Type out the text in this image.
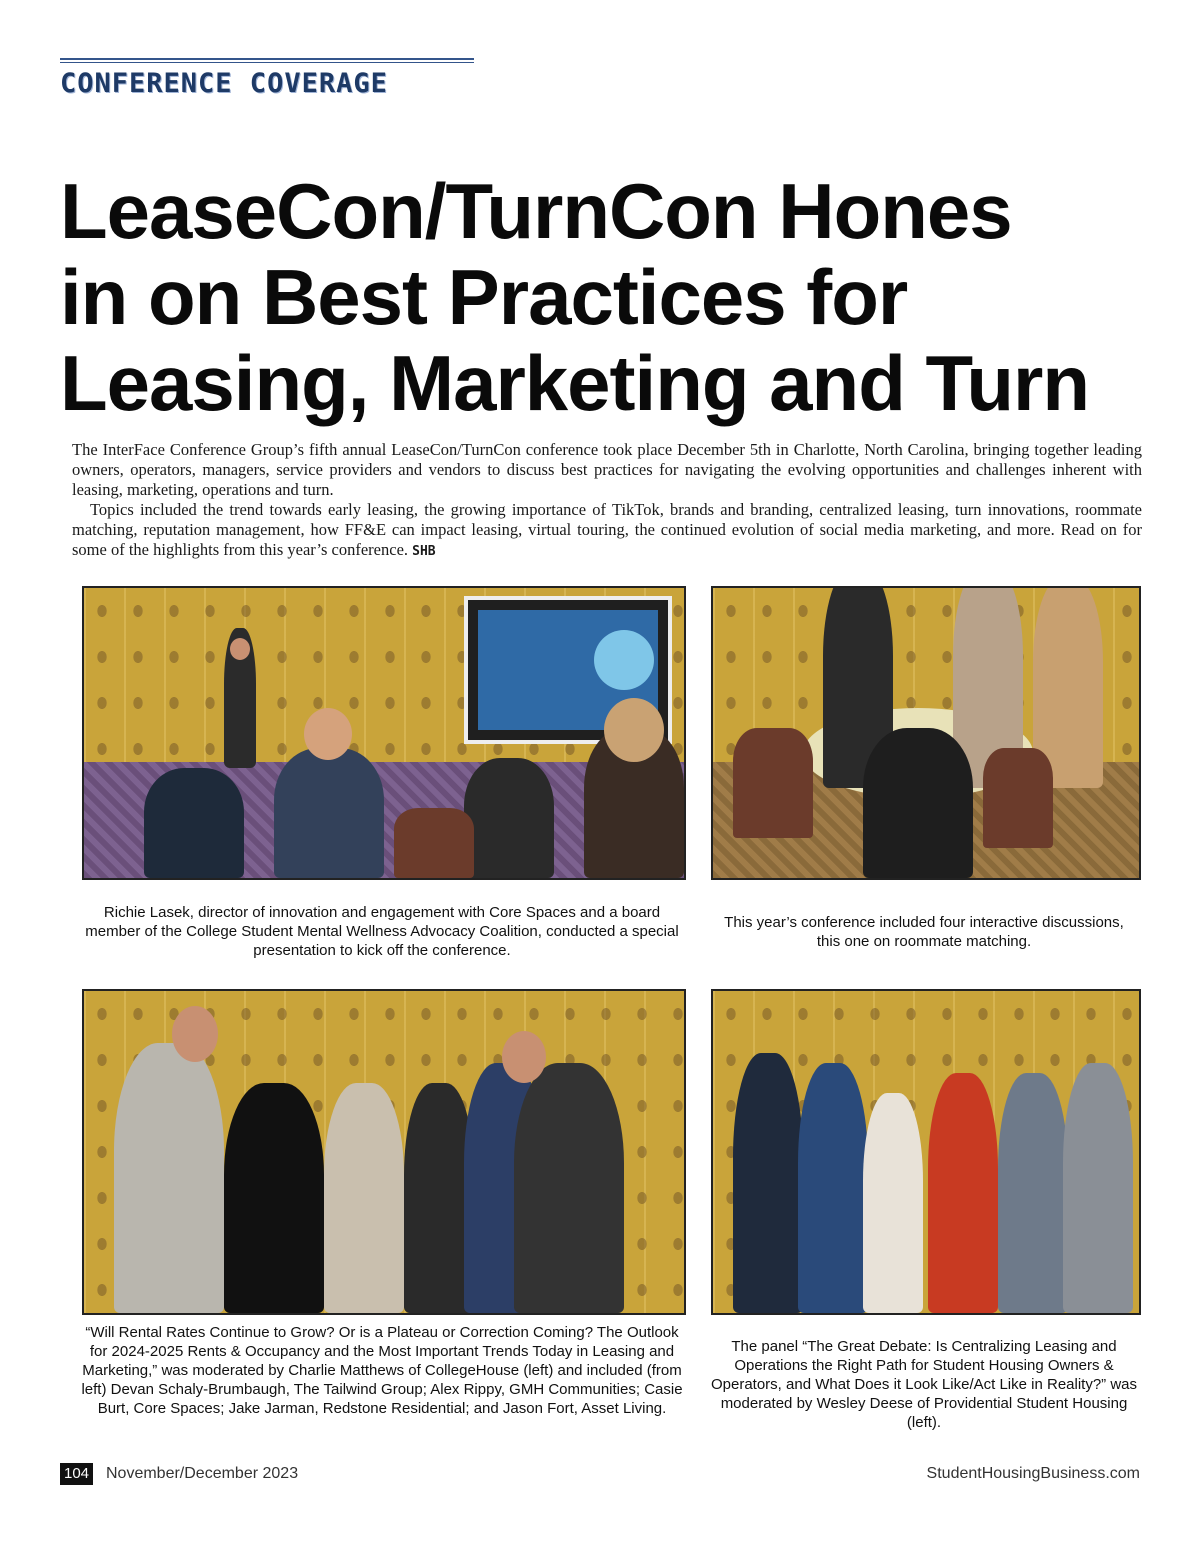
CONFERENCE COVERAGE
LeaseCon/TurnCon Hones
in on Best Practices for
Leasing, Marketing and Turn

The InterFace Conference Group’s fifth annual LeaseCon/TurnCon conference took place December 5th in Charlotte, North Carolina, bringing together leading owners, operators, managers, service providers and vendors to discuss best practices for navigating the evolving opportunities and challenges inherent with leasing, marketing, operations and turn.

Topics included the trend towards early leasing, the growing importance of TikTok, brands and branding, centralized leasing, turn innovations, roommate matching, reputation management, how FF&E can impact leasing, virtual touring, the continued evolution of social media marketing, and more. Read on for some of the highlights from this year’s conference. SHB

Richie Lasek, director of innovation and engagement with Core Spaces and a board member of the College Student Mental Wellness Advocacy Coalition, conducted a special presentation to kick off the conference.
This year’s conference included four interactive discussions, this one on roommate matching.
“Will Rental Rates Continue to Grow? Or is a Plateau or Correction Coming? The Outlook for 2024-2025 Rents & Occupancy and the Most Important Trends Today in Leasing and Marketing,” was moderated by Charlie Matthews of CollegeHouse (left) and included (from left) Devan Schaly-Brumbaugh, The Tailwind Group; Alex Rippy, GMH Communities; Casie Burt, Core Spaces; Jake Jarman, Redstone Residential; and Jason Fort, Asset Living.
The panel “The Great Debate: Is Centralizing Leasing and Operations the Right Path for Student Housing Owners & Operators, and What Does it Look Like/Act Like in Reality?” was moderated by Wesley Deese of Providential Student Housing (left).
104 November/December 2023	StudentHousingBusiness.com
